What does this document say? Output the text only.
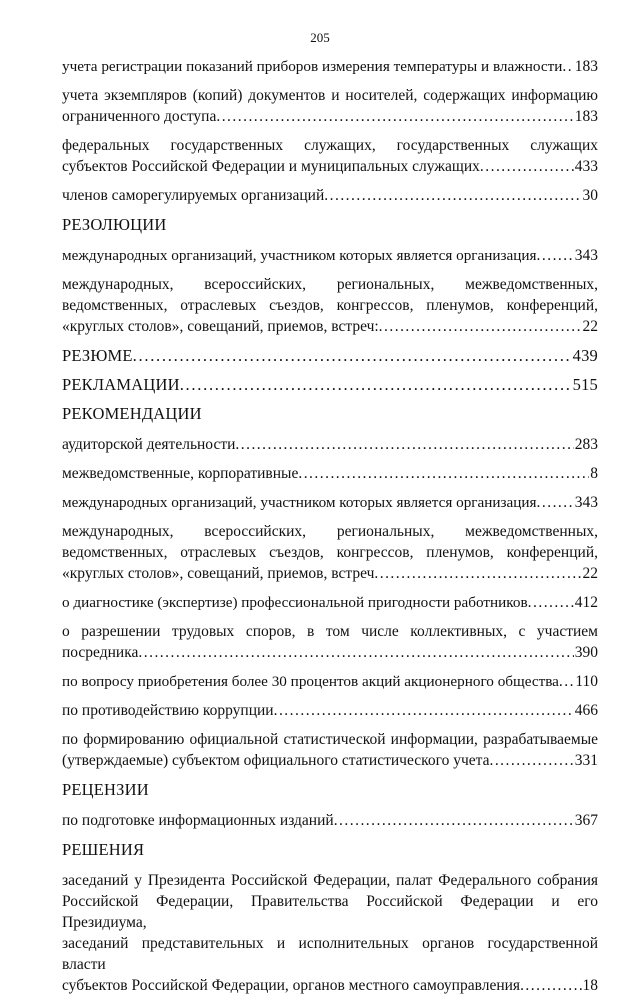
205
учета регистрации показаний приборов измерения температуры и влажности . . . 183
учета экземпляров (копий) документов и носителей, содержащих информацию
ограниченного доступа . . .	183
федеральных государственных служащих, государственных служащих
субъектов Российской Федерации и муниципальных служащих . . .	433
членов саморегулируемых организаций . . .	30
РЕЗОЛЮЦИИ
международных организаций, участником которых является организация . . . 343
международных, всероссийских, региональных, межведомственных,
ведомственных, отраслевых съездов, конгрессов, пленумов, конференций,
«круглых столов», совещаний, приемов, встреч: . . .	22
РЕЗЮМЕ . . .	439
РЕКЛАМАЦИИ . . .	515
РЕКОМЕНДАЦИИ
аудиторской деятельности . . .	283
межведомственные, корпоративные . . .	8
международных организаций, участником которых является организация . . . 343
международных, всероссийских, региональных, межведомственных,
ведомственных, отраслевых съездов, конгрессов, пленумов, конференций,
«круглых столов», совещаний, приемов, встреч . . .	22
о диагностике (экспертизе) профессиональной пригодности работников . . .	412
о разрешении трудовых споров, в том числе коллективных, с участием
посредника . . .	390
по вопросу приобретения более 30 процентов акций акционерного общества . . . 110
по противодействию коррупции . . .	466
по формированию официальной статистической информации, разрабатываемые
(утверждаемые) субъектом официального статистического учета . . .	331
РЕЦЕНЗИИ
по подготовке информационных изданий . . .	367
РЕШЕНИЯ
заседаний у Президента Российской Федерации, палат Федерального собрания
Российской Федерации, Правительства Российской Федерации и его Президиума,
заседаний представительных и исполнительных органов государственной власти
субъектов Российской Федерации, органов местного самоуправления . . .	18
